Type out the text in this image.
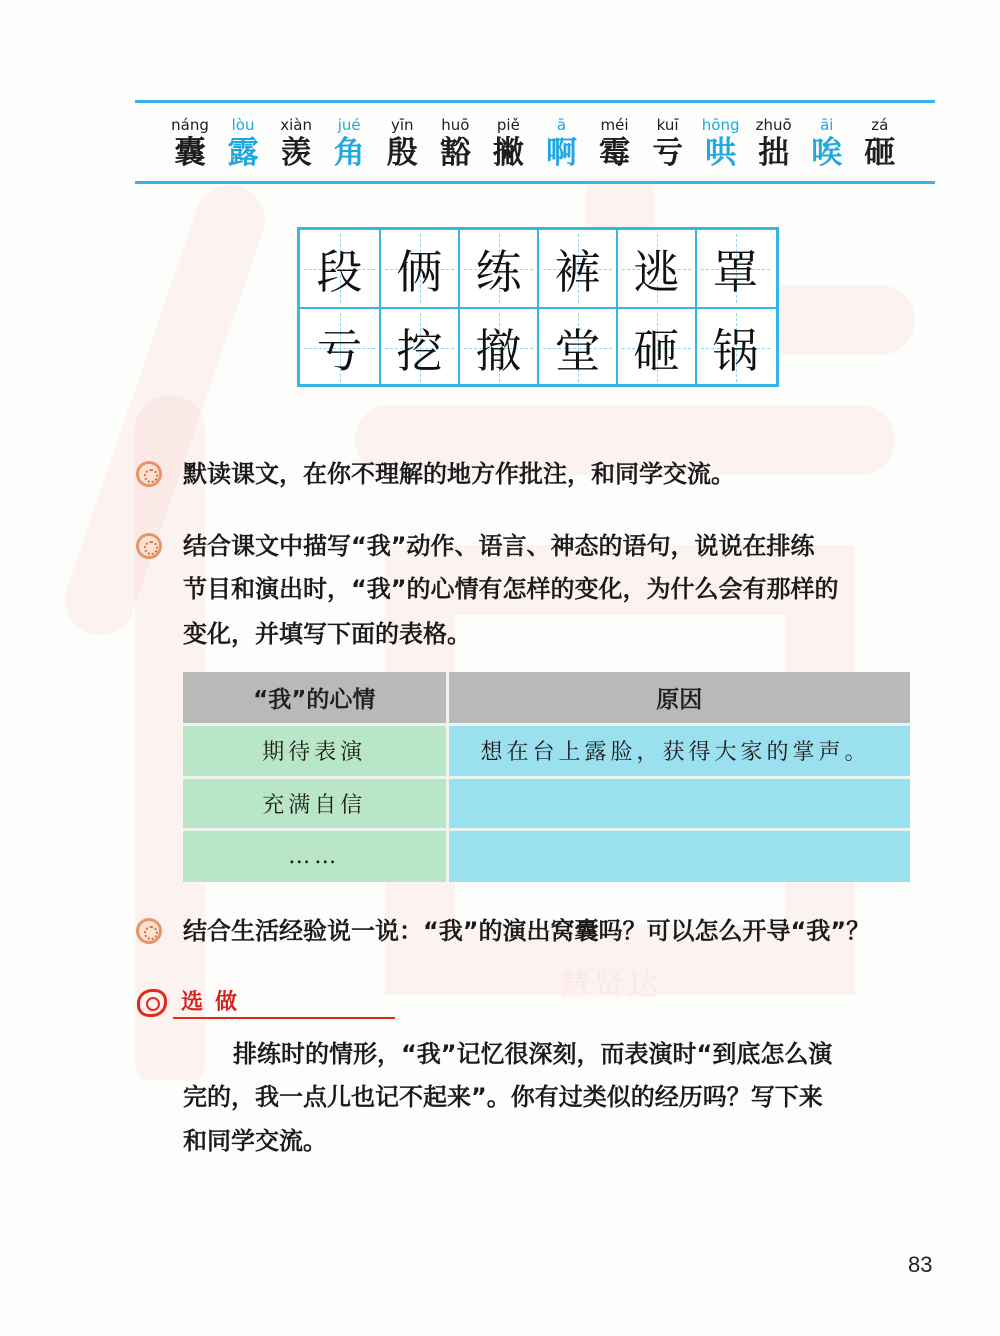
慧贤达
náng
囊
lòu
露
xiàn
羡
jué
角
yīn
殷
huō
豁
piě
撇
ā
啊
méi
霉
kuī
亏
hōng
哄
zhuō
拙
āi
唉
zá
砸
段 俩 练 裤 逃 罩
亏 挖 撤 堂 砸 锅
默读课文，在你不理解的地方作批注，和同学交流。
结合课文中描写“我”动作、语言、神态的语句，说说在排练
节目和演出时，“我”的心情有怎样的变化，为什么会有那样的
变化，并填写下面的表格。
“我”的心情	原因
期待表演	想在台上露脸，获得大家的掌声。
充满自信	
……	
结合生活经验说一说：“我”的演出窝囊吗？可以怎么开导“我”？
选做
排练时的情形，“我”记忆很深刻，而表演时“到底怎么演
完的，我一点儿也记不起来”。你有过类似的经历吗？写下来
和同学交流。
83
